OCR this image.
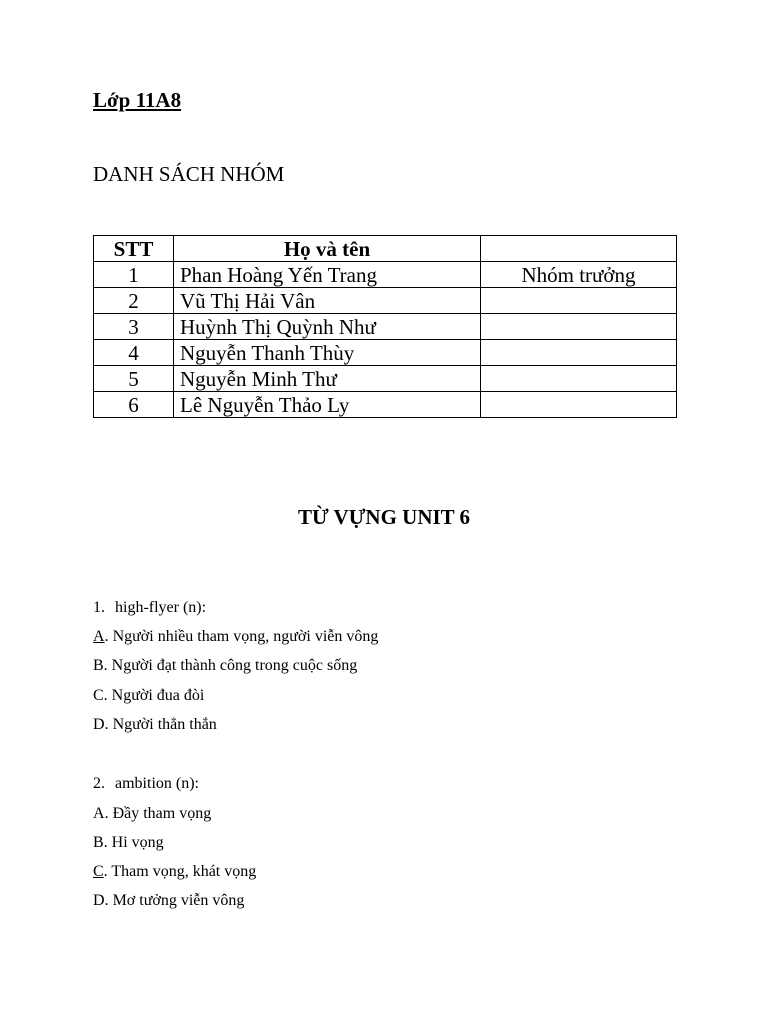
Lớp 11A8
DANH SÁCH NHÓM
STT	Họ và tên	
1	Phan Hoàng Yến Trang	Nhóm trưởng
2	Vũ Thị Hải Vân	
3	Huỳnh Thị Quỳnh Như	
4	Nguyễn Thanh Thùy	
5	Nguyễn Minh Thư	
6	Lê Nguyễn Thảo Ly	
TỪ VỰNG UNIT 6

1. high-flyer (n):

A. Người nhiều tham vọng, người viễn vông

B. Người đạt thành công trong cuộc sống

C. Người đua đòi

D. Người thẳn thắn

2. ambition (n):

A. Đầy tham vọng

B. Hi vọng

C. Tham vọng, khát vọng

D. Mơ tưởng viễn vông
